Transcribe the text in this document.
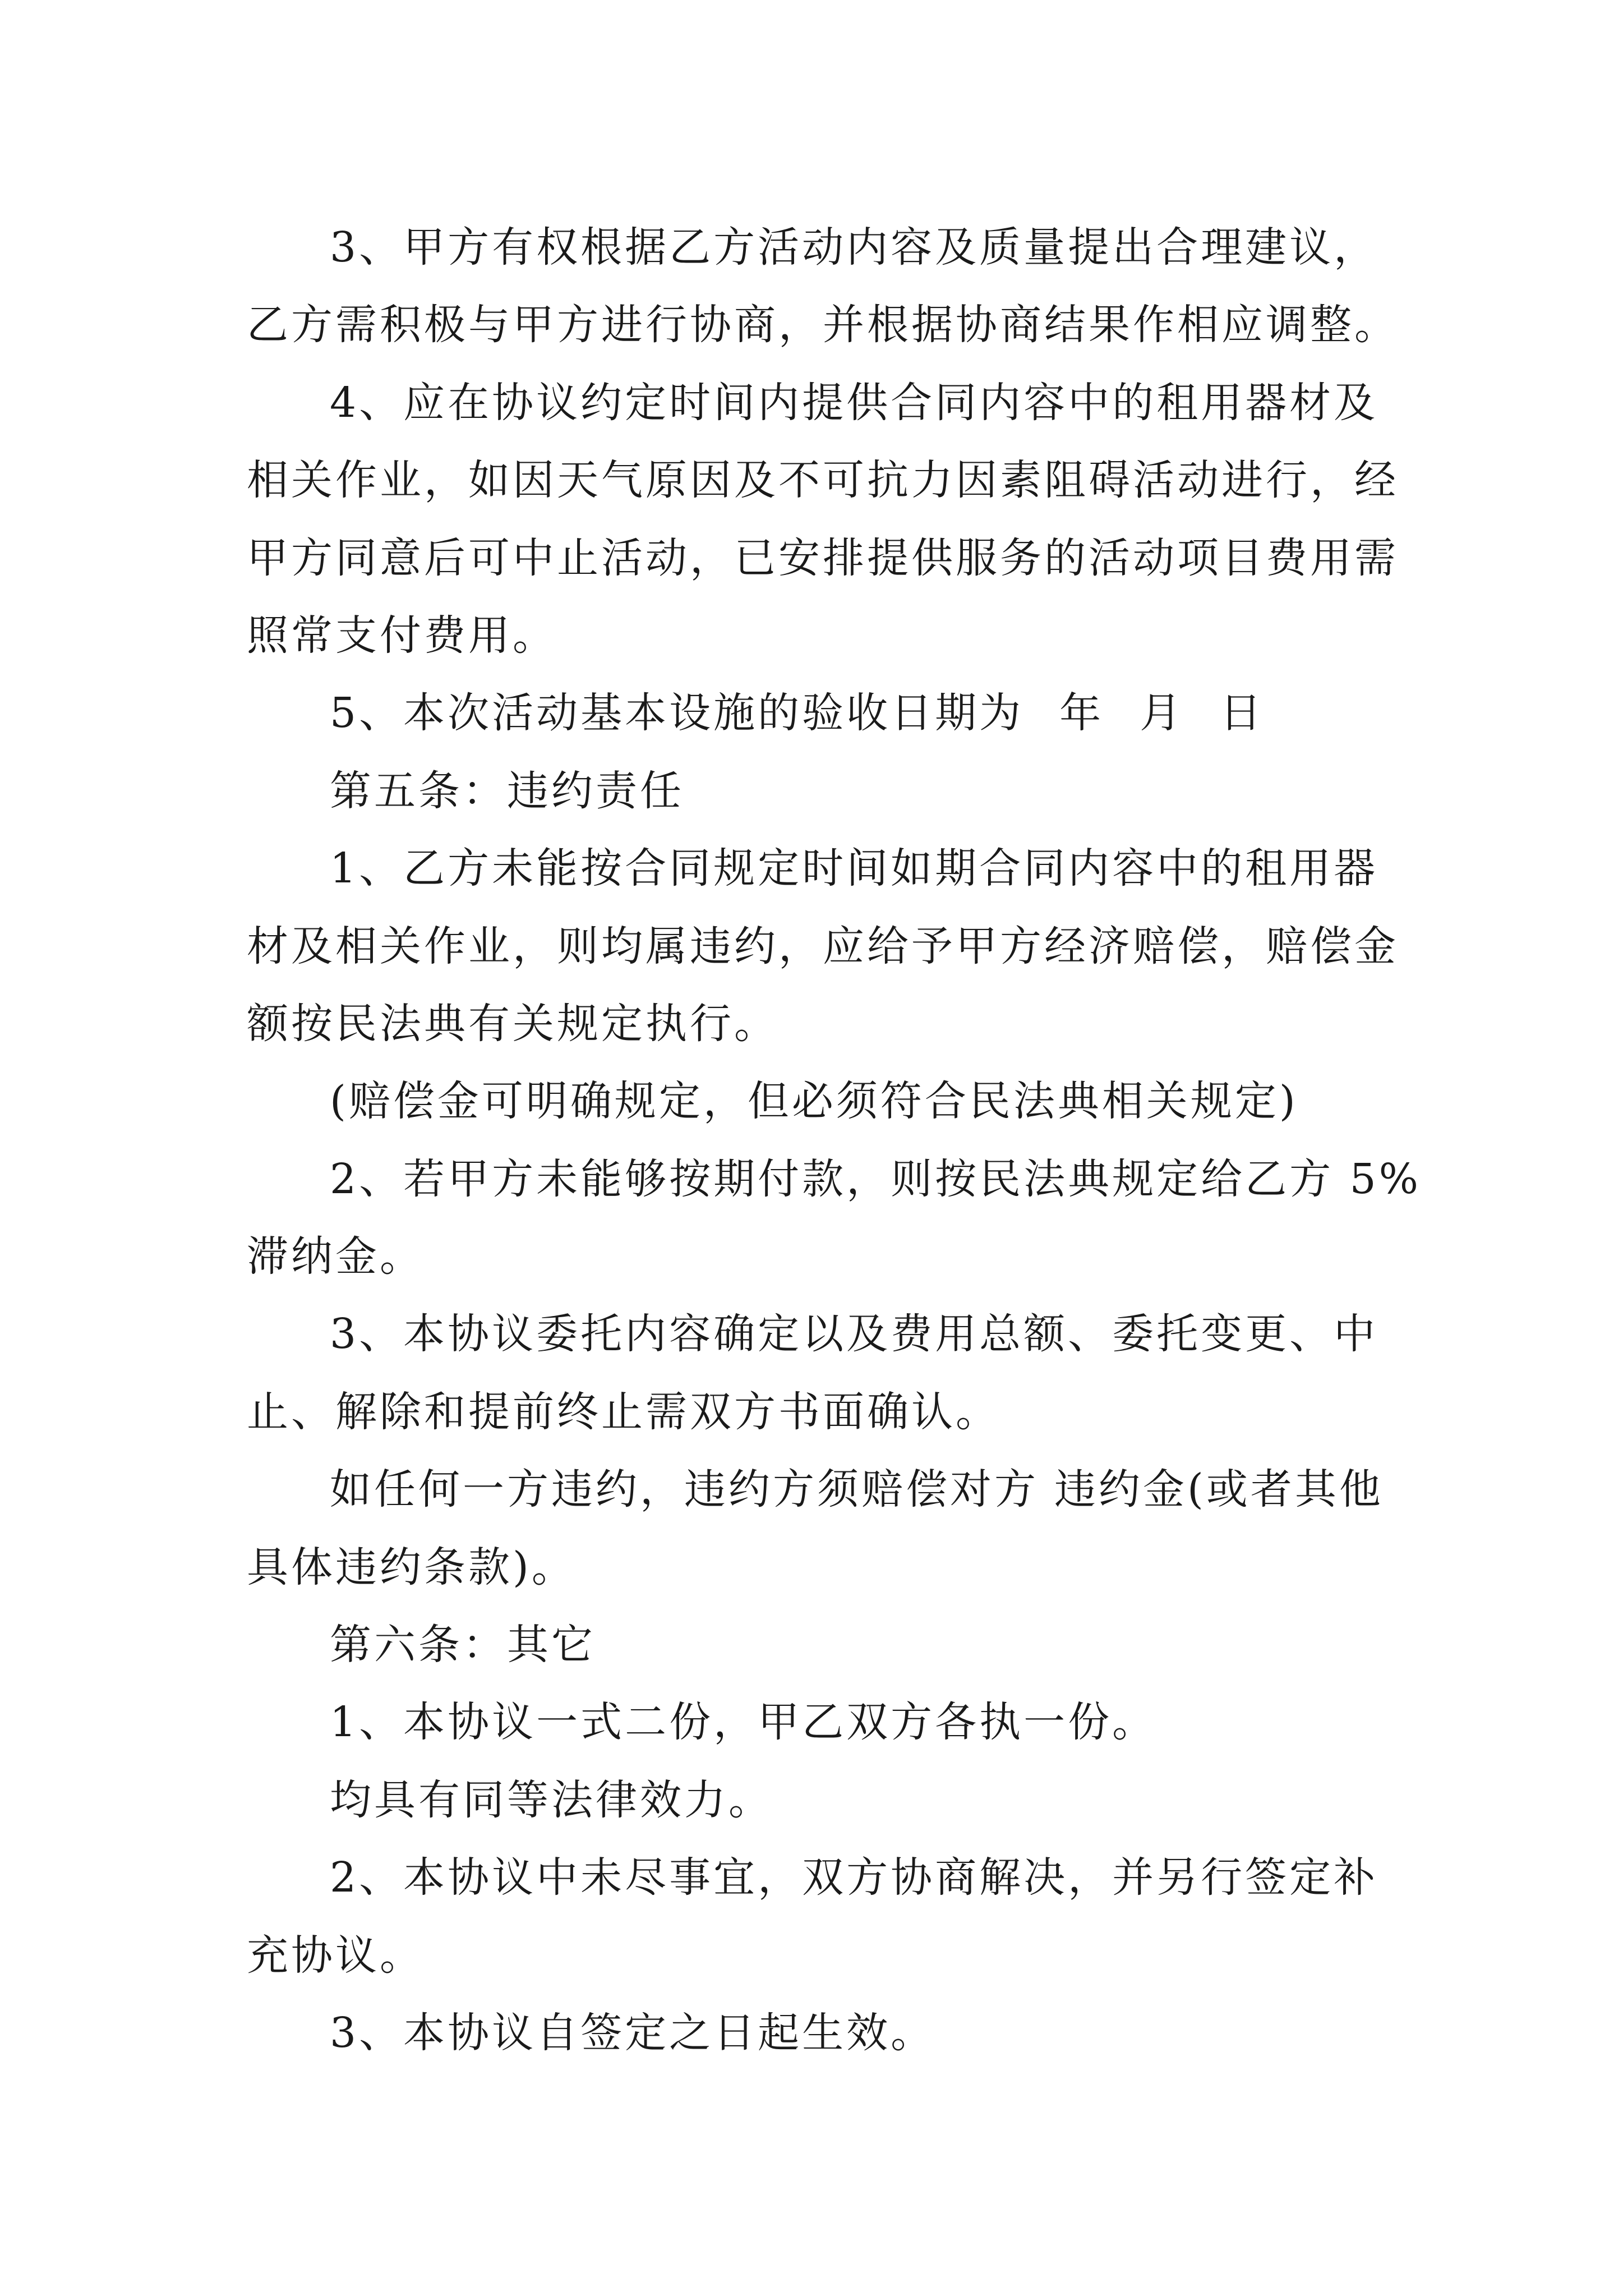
3、甲方有权根据乙方活动内容及质量提出合理建议，
乙方需积极与甲方进行协商，并根据协商结果作相应调整。
4、应在协议约定时间内提供合同内容中的租用器材及
相关作业，如因天气原因及不可抗力因素阻碍活动进行，经
甲方同意后可中止活动，已安排提供服务的活动项目费用需
照常支付费用。
5、本次活动基本设施的验收日期为 年 月 日
第五条：违约责任
1、乙方未能按合同规定时间如期合同内容中的租用器
材及相关作业，则均属违约，应给予甲方经济赔偿，赔偿金
额按民法典有关规定执行。
(赔偿金可明确规定，但必须符合民法典相关规定)
2、若甲方未能够按期付款，则按民法典规定给乙方 5%
滞纳金。
3、本协议委托内容确定以及费用总额、委托变更、中
止、解除和提前终止需双方书面确认。
如任何一方违约，违约方须赔偿对方 违约金(或者其他
具体违约条款)。
第六条：其它
1、本协议一式二份，甲乙双方各执一份。
均具有同等法律效力。
2、本协议中未尽事宜，双方协商解决，并另行签定补
充协议。
3、本协议自签定之日起生效。
